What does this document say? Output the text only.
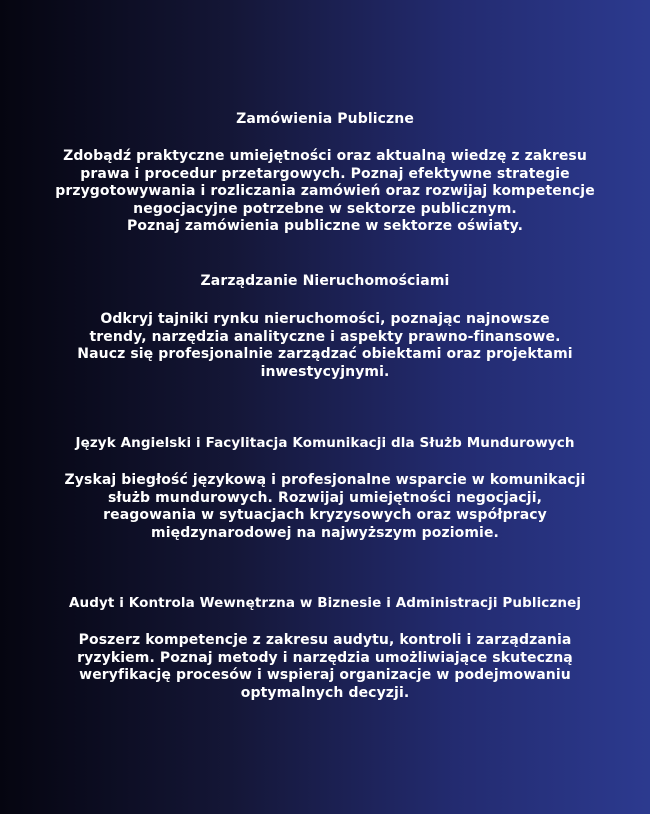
Zamówienia Publiczne
Zdobądź praktyczne umiejętności oraz aktualną wiedzę z zakresu
prawa i procedur przetargowych. Poznaj efektywne strategie
przygotowywania i rozliczania zamówień oraz rozwijaj kompetencje
negocjacyjne potrzebne w sektorze publicznym.
Poznaj zamówienia publiczne w sektorze oświaty.
Zarządzanie Nieruchomościami
Odkryj tajniki rynku nieruchomości, poznając najnowsze
trendy, narzędzia analityczne i aspekty prawno-finansowe.
Naucz się profesjonalnie zarządzać obiektami oraz projektami
inwestycyjnymi.
Język Angielski i Facylitacja Komunikacji dla Służb Mundurowych
Zyskaj biegłość językową i profesjonalne wsparcie w komunikacji
służb mundurowych. Rozwijaj umiejętności negocjacji,
reagowania w sytuacjach kryzysowych oraz współpracy
międzynarodowej na najwyższym poziomie.
Audyt i Kontrola Wewnętrzna w Biznesie i Administracji Publicznej
Poszerz kompetencje z zakresu audytu, kontroli i zarządzania
ryzykiem. Poznaj metody i narzędzia umożliwiające skuteczną
weryfikację procesów i wspieraj organizacje w podejmowaniu
optymalnych decyzji.
